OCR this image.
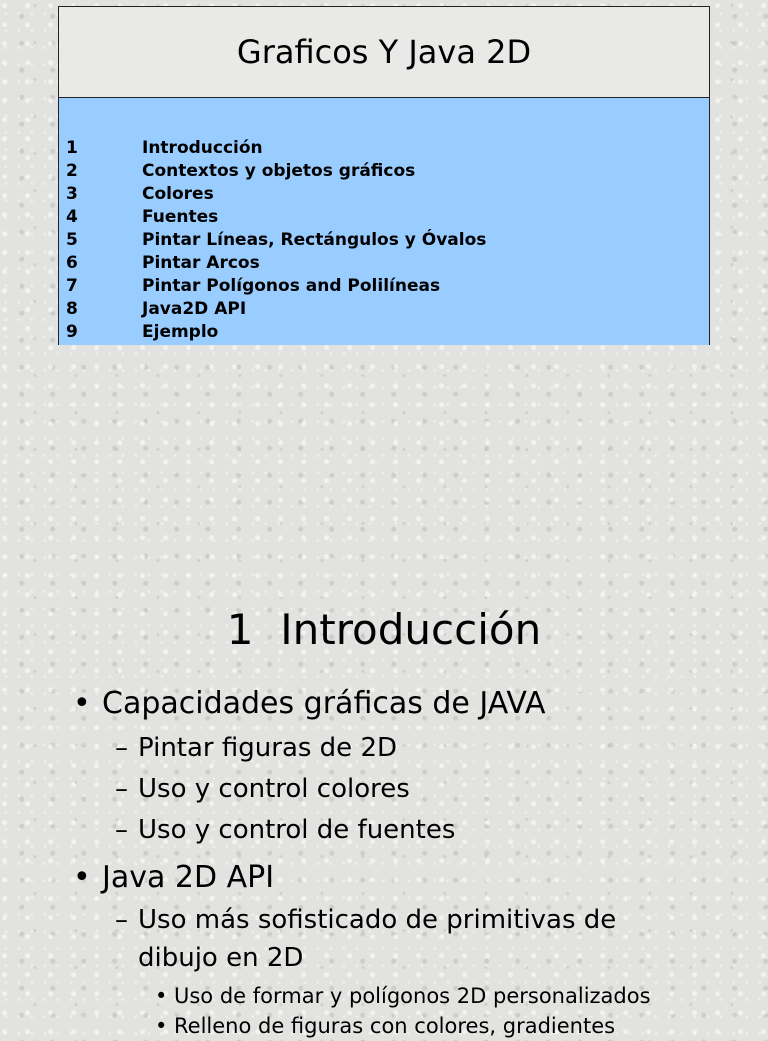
Graficos Y Java 2D
1	Introducción
2	Contextos y objetos gráficos
3	Colores
4	Fuentes
5	Pintar Líneas, Rectángulos y Óvalos
6	Pintar Arcos
7	Pintar Polígonos and Polilíneas
8	Java2D API
9	Ejemplo
1  Introducción
• Capacidades gráficas de JAVA
– Pintar figuras de 2D
– Uso y control colores
– Uso y control de fuentes
• Java 2D API
– Uso más sofisticado de primitivas de
dibujo en 2D
• Uso de formar y polígonos 2D personalizados
• Relleno de figuras con colores, gradientes
